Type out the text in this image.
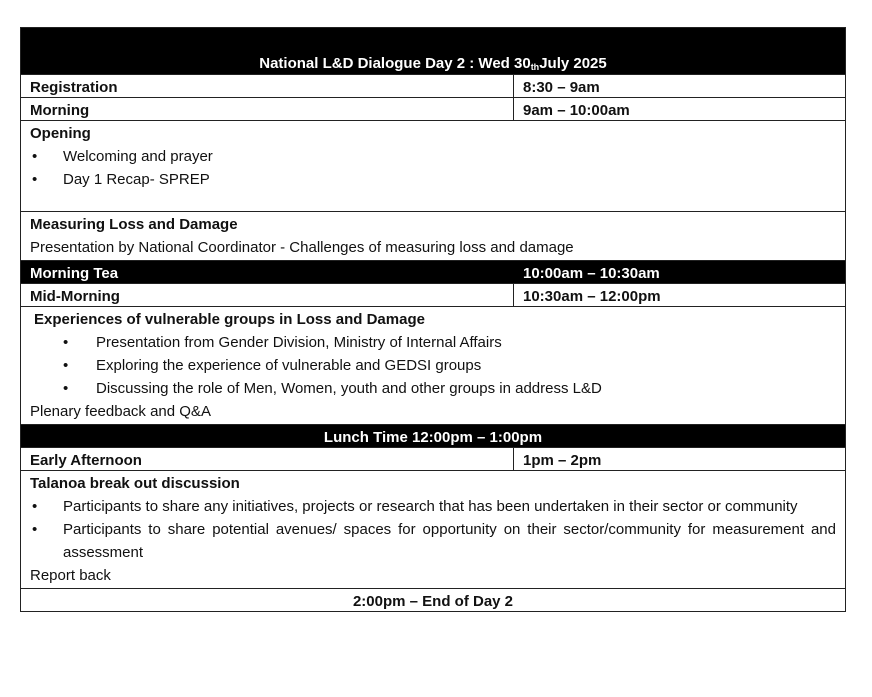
National L&D Dialogue Day 2 : Wed $30_{th}$ July 2025
Registration	8:30 – 9am
Morning	9am – 10:00am
Opening
• Welcoming and prayer
• Day 1 Recap- SPREP
Measuring Loss and Damage
Presentation by National Coordinator - Challenges of measuring loss and damage
Morning Tea	10:00am – 10:30am
Mid-Morning	10:30am – 12:00pm
Experiences of vulnerable groups in Loss and Damage
• Presentation from Gender Division, Ministry of Internal Affairs
• Exploring the experience of vulnerable and GEDSI groups
• Discussing the role of Men, Women, youth and other groups in address L&D
Plenary feedback and Q&A
Lunch Time 12:00pm – 1:00pm
Early Afternoon	1pm – 2pm
Talanoa break out discussion
• Participants to share any initiatives, projects or research that has been undertaken in their sector or community
• Participants to share potential avenues/ spaces for opportunity on their sector/community for measurement and assessment
Report back
2:00pm – End of Day 2
